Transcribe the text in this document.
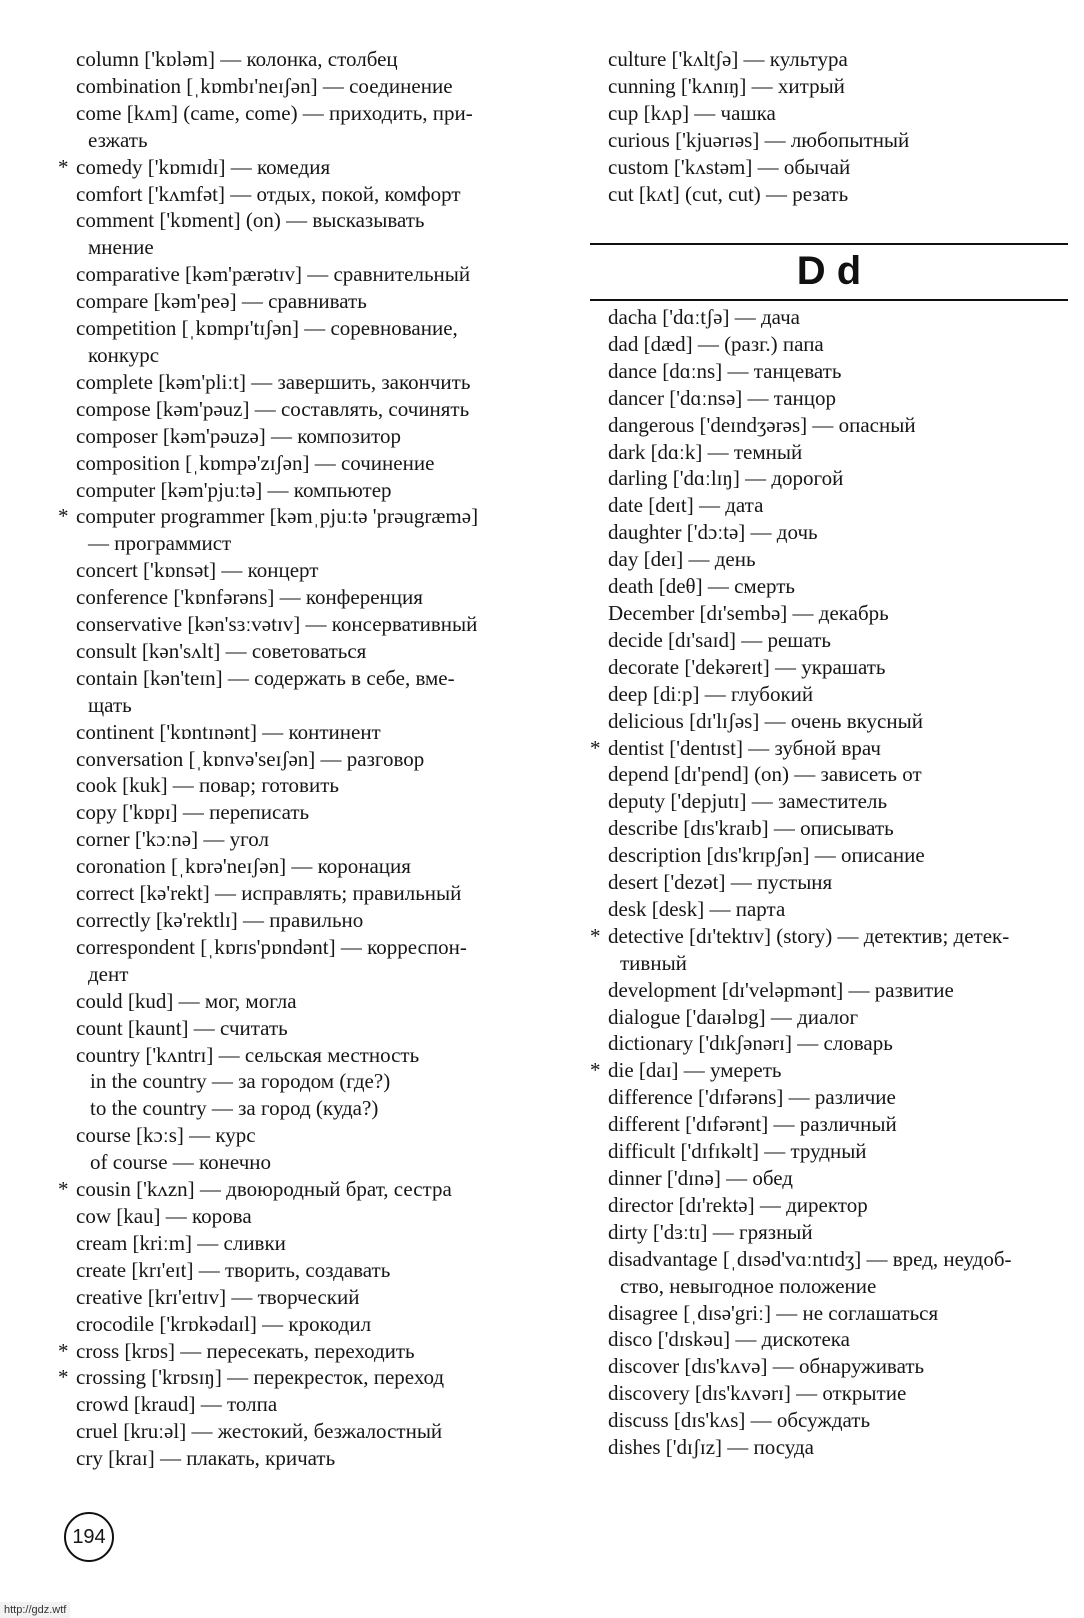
column ['kɒləm] — колонка, столбец
combination [ˌkɒmbɪ'neɪʃən] — соединение
come [kʌm] (came, come) — приходить, при-
езжать
* comedy ['kɒmɪdɪ] — комедия
comfort ['kʌmfət] — отдых, покой, комфорт
comment ['kɒment] (on) — высказывать
мнение
comparative [kəm'pærətɪv] — сравнительный
compare [kəm'peə] — сравнивать
competition [ˌkɒmpɪ'tɪʃən] — соревнование,
конкурс
complete [kəm'pliːt] — завершить, закончить
compose [kəm'pəuz] — составлять, сочинять
composer [kəm'pəuzə] — композитор
composition [ˌkɒmpə'zɪʃən] — сочинение
computer [kəm'pjuːtə] — компьютер
* computer programmer [kəmˌpjuːtə 'prəugræmə]
— программист
concert ['kɒnsət] — концерт
conference ['kɒnfərəns] — конференция
conservative [kən'sɜːvətɪv] — консервативный
consult [kən'sʌlt] — советоваться
contain [kən'teɪn] — содержать в себе, вме-
щать
continent ['kɒntɪnənt] — континент
conversation [ˌkɒnvə'seɪʃən] — разговор
cook [kuk] — повар; готовить
copy ['kɒpɪ] — переписать
corner ['kɔːnə] — угол
coronation [ˌkɒrə'neɪʃən] — коронация
correct [kə'rekt] — исправлять; правильный
correctly [kə'rektlɪ] — правильно
correspondent [ˌkɒrɪs'pɒndənt] — корреспон-
дент
could [kud] — мог, могла
count [kaunt] — считать
country ['kʌntrɪ] — сельская местность
in the country — за городом (где?)
to the country — за город (куда?)
course [kɔːs] — курс
of course — конечно
* cousin ['kʌzn] — двоюродный брат, сестра
cow [kau] — корова
cream [kriːm] — сливки
create [krɪ'eɪt] — творить, создавать
creative [krɪ'eɪtɪv] — творческий
crocodile ['krɒkədaɪl] — крокодил
* cross [krɒs] — пересекать, переходить
* crossing ['krɒsɪŋ] — перекресток, переход
crowd [kraud] — толпа
cruel [kruːəl] — жестокий, безжалостный
cry [kraɪ] — плакать, кричать
culture ['kʌltʃə] — культура
cunning ['kʌnɪŋ] — хитрый
cup [kʌp] — чашка
curious ['kjuərɪəs] — любопытный
custom ['kʌstəm] — обычай
cut [kʌt] (cut, cut) — резать
dacha ['dɑːtʃə] — дача
dad [dæd] — (разг.) папа
dance [dɑːns] — танцевать
dancer ['dɑːnsə] — танцор
dangerous ['deɪndʒərəs] — опасный
dark [dɑːk] — темный
darling ['dɑːlɪŋ] — дорогой
date [deɪt] — дата
daughter ['dɔːtə] — дочь
day [deɪ] — день
death [deθ] — смерть
December [dɪ'sembə] — декабрь
decide [dɪ'saɪd] — решать
decorate ['dekəreɪt] — украшать
deep [diːp] — глубокий
delicious [dɪ'lɪʃəs] — очень вкусный
* dentist ['dentɪst] — зубной врач
depend [dɪ'pend] (on) — зависеть от
deputy ['depjutɪ] — заместитель
describe [dɪs'kraɪb] — описывать
description [dɪs'krɪpʃən] — описание
desert ['dezət] — пустыня
desk [desk] — парта
* detective [dɪ'tektɪv] (story) — детектив; детек-
тивный
development [dɪ'veləpmənt] — развитие
dialogue ['daɪəlɒg] — диалог
dictionary ['dɪkʃənərɪ] — словарь
* die [daɪ] — умереть
difference ['dɪfərəns] — различие
different ['dɪfərənt] — различный
difficult ['dɪfɪkəlt] — трудный
dinner ['dɪnə] — обед
director [dɪ'rektə] — директор
dirty ['dɜːtɪ] — грязный
disadvantage [ˌdɪsəd'vɑːntɪdʒ] — вред, неудоб-
ство, невыгодное положение
disagree [ˌdɪsə'griː] — не соглашаться
disco ['dɪskəu] — дискотека
discover [dɪs'kʌvə] — обнаруживать
discovery [dɪs'kʌvərɪ] — открытие
discuss [dɪs'kʌs] — обсуждать
dishes ['dɪʃɪz] — посуда
D d
194
http://gdz.wtf
